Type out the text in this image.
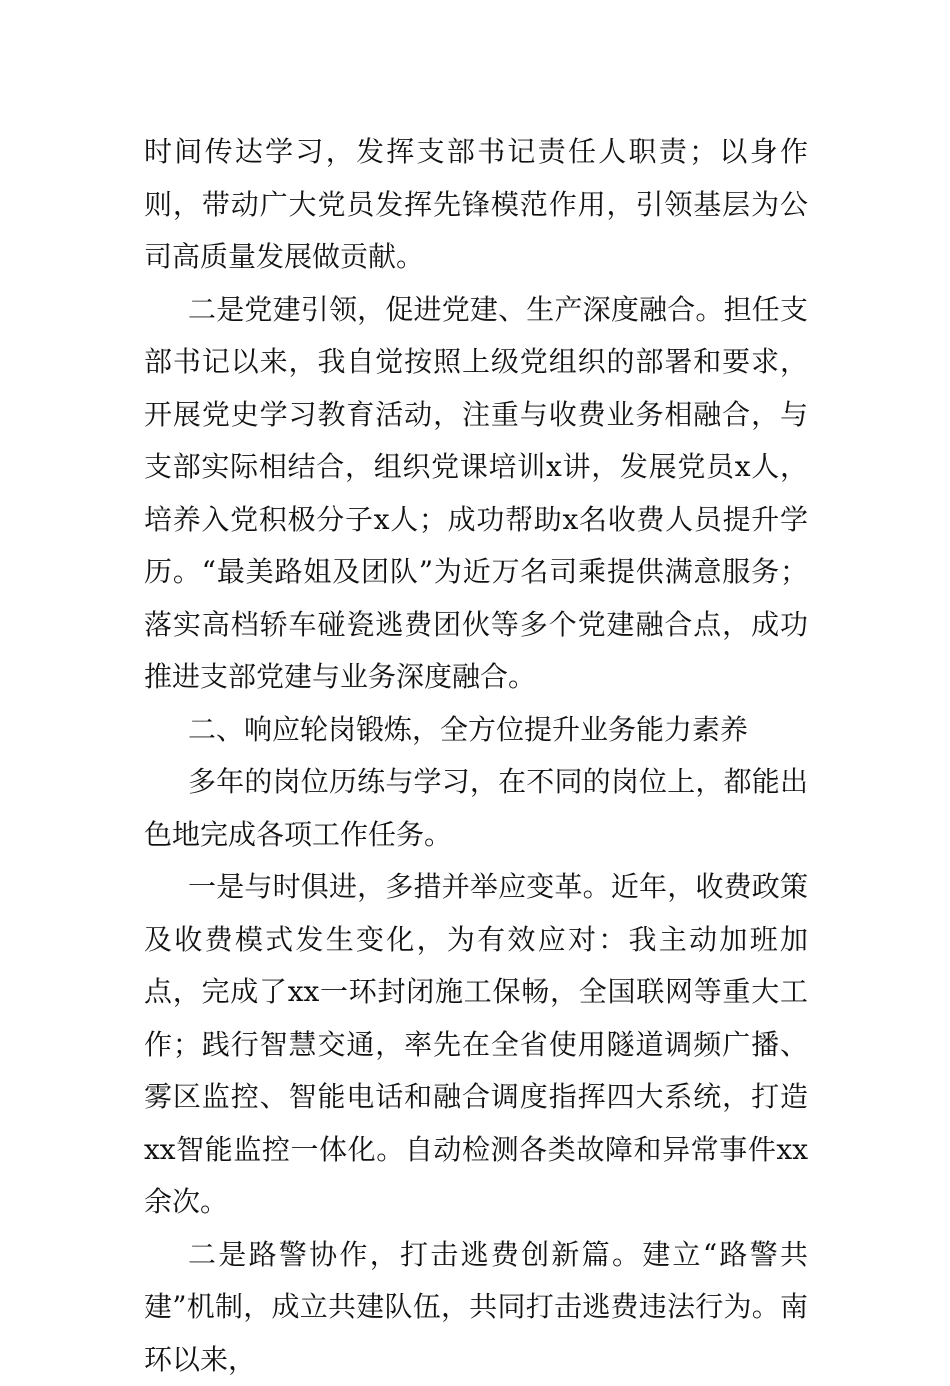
时间传达学习，发挥支部书记责任人职责；以身作则，带动广大党员发挥先锋模范作用，引领基层为公司高质量发展做贡献。

二是党建引领，促进党建、生产深度融合。担任支部书记以来，我自觉按照上级党组织的部署和要求，开展党史学习教育活动，注重与收费业务相融合，与支部实际相结合，组织党课培训x讲，发展党员x人，培养入党积极分子x人；成功帮助x名收费人员提升学历。“最美路姐及团队”为近万名司乘提供满意服务；落实高档轿车碰瓷逃费团伙等多个党建融合点，成功推进支部党建与业务深度融合。

二、响应轮岗锻炼，全方位提升业务能力素养

多年的岗位历练与学习，在不同的岗位上，都能出色地完成各项工作任务。

一是与时俱进，多措并举应变革。近年，收费政策及收费模式发生变化，为有效应对：我主动加班加点，完成了xx一环封闭施工保畅，全国联网等重大工作；践行智慧交通，率先在全省使用隧道调频广播、雾区监控、智能电话和融合调度指挥四大系统，打造xx智能监控一体化。自动检测各类故障和异常事件xx余次。

二是路警协作，打击逃费创新篇。建立“路警共建”机制，成立共建队伍，共同打击逃费违法行为。南环以来，
